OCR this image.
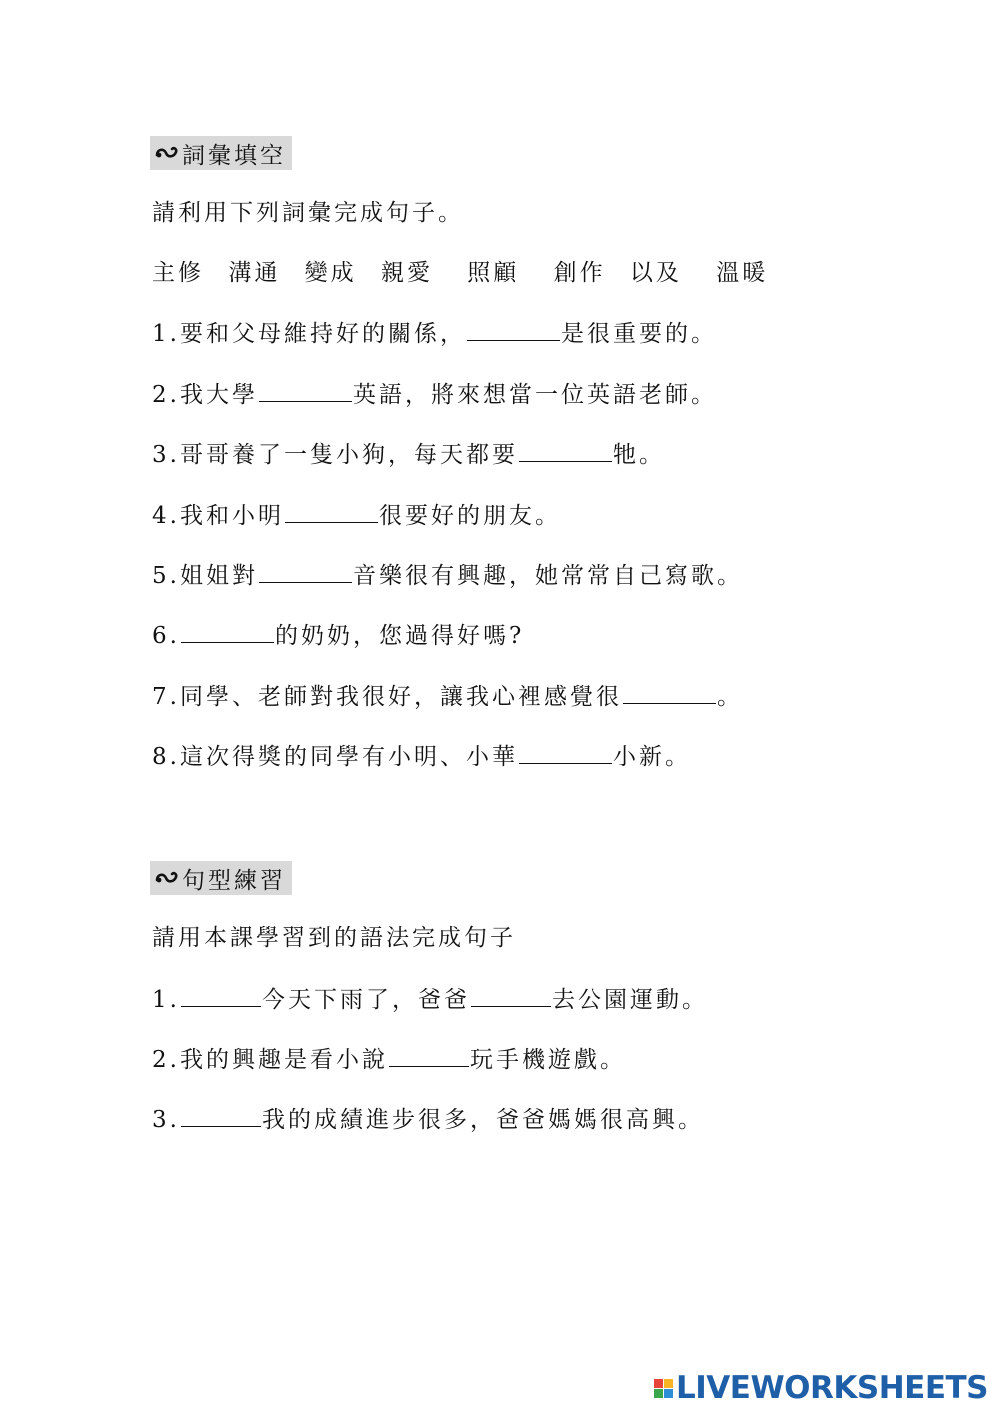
詞彙填空
請利用下列詞彙完成句子。
主修 溝通 變成 親愛 照顧 創作 以及 溫暖
1.要和父母維持好的關係，	是很重要的。
2.我大學	英語，將來想當一位英語老師。
3.哥哥養了一隻小狗，每天都要	牠。
4.我和小明	很要好的朋友。
5.姐姐對	音樂很有興趣，她常常自己寫歌。
6.	的奶奶，您過得好嗎?
7.同學、老師對我很好，讓我心裡感覺很	。
8.這次得獎的同學有小明、小華	小新。
句型練習
請用本課學習到的語法完成句子
1.	今天下雨了，爸爸	去公園運動。
2.我的興趣是看小說	玩手機遊戲。
3.	我的成績進步很多，爸爸媽媽很高興。
LIVEWORKSHEETS
